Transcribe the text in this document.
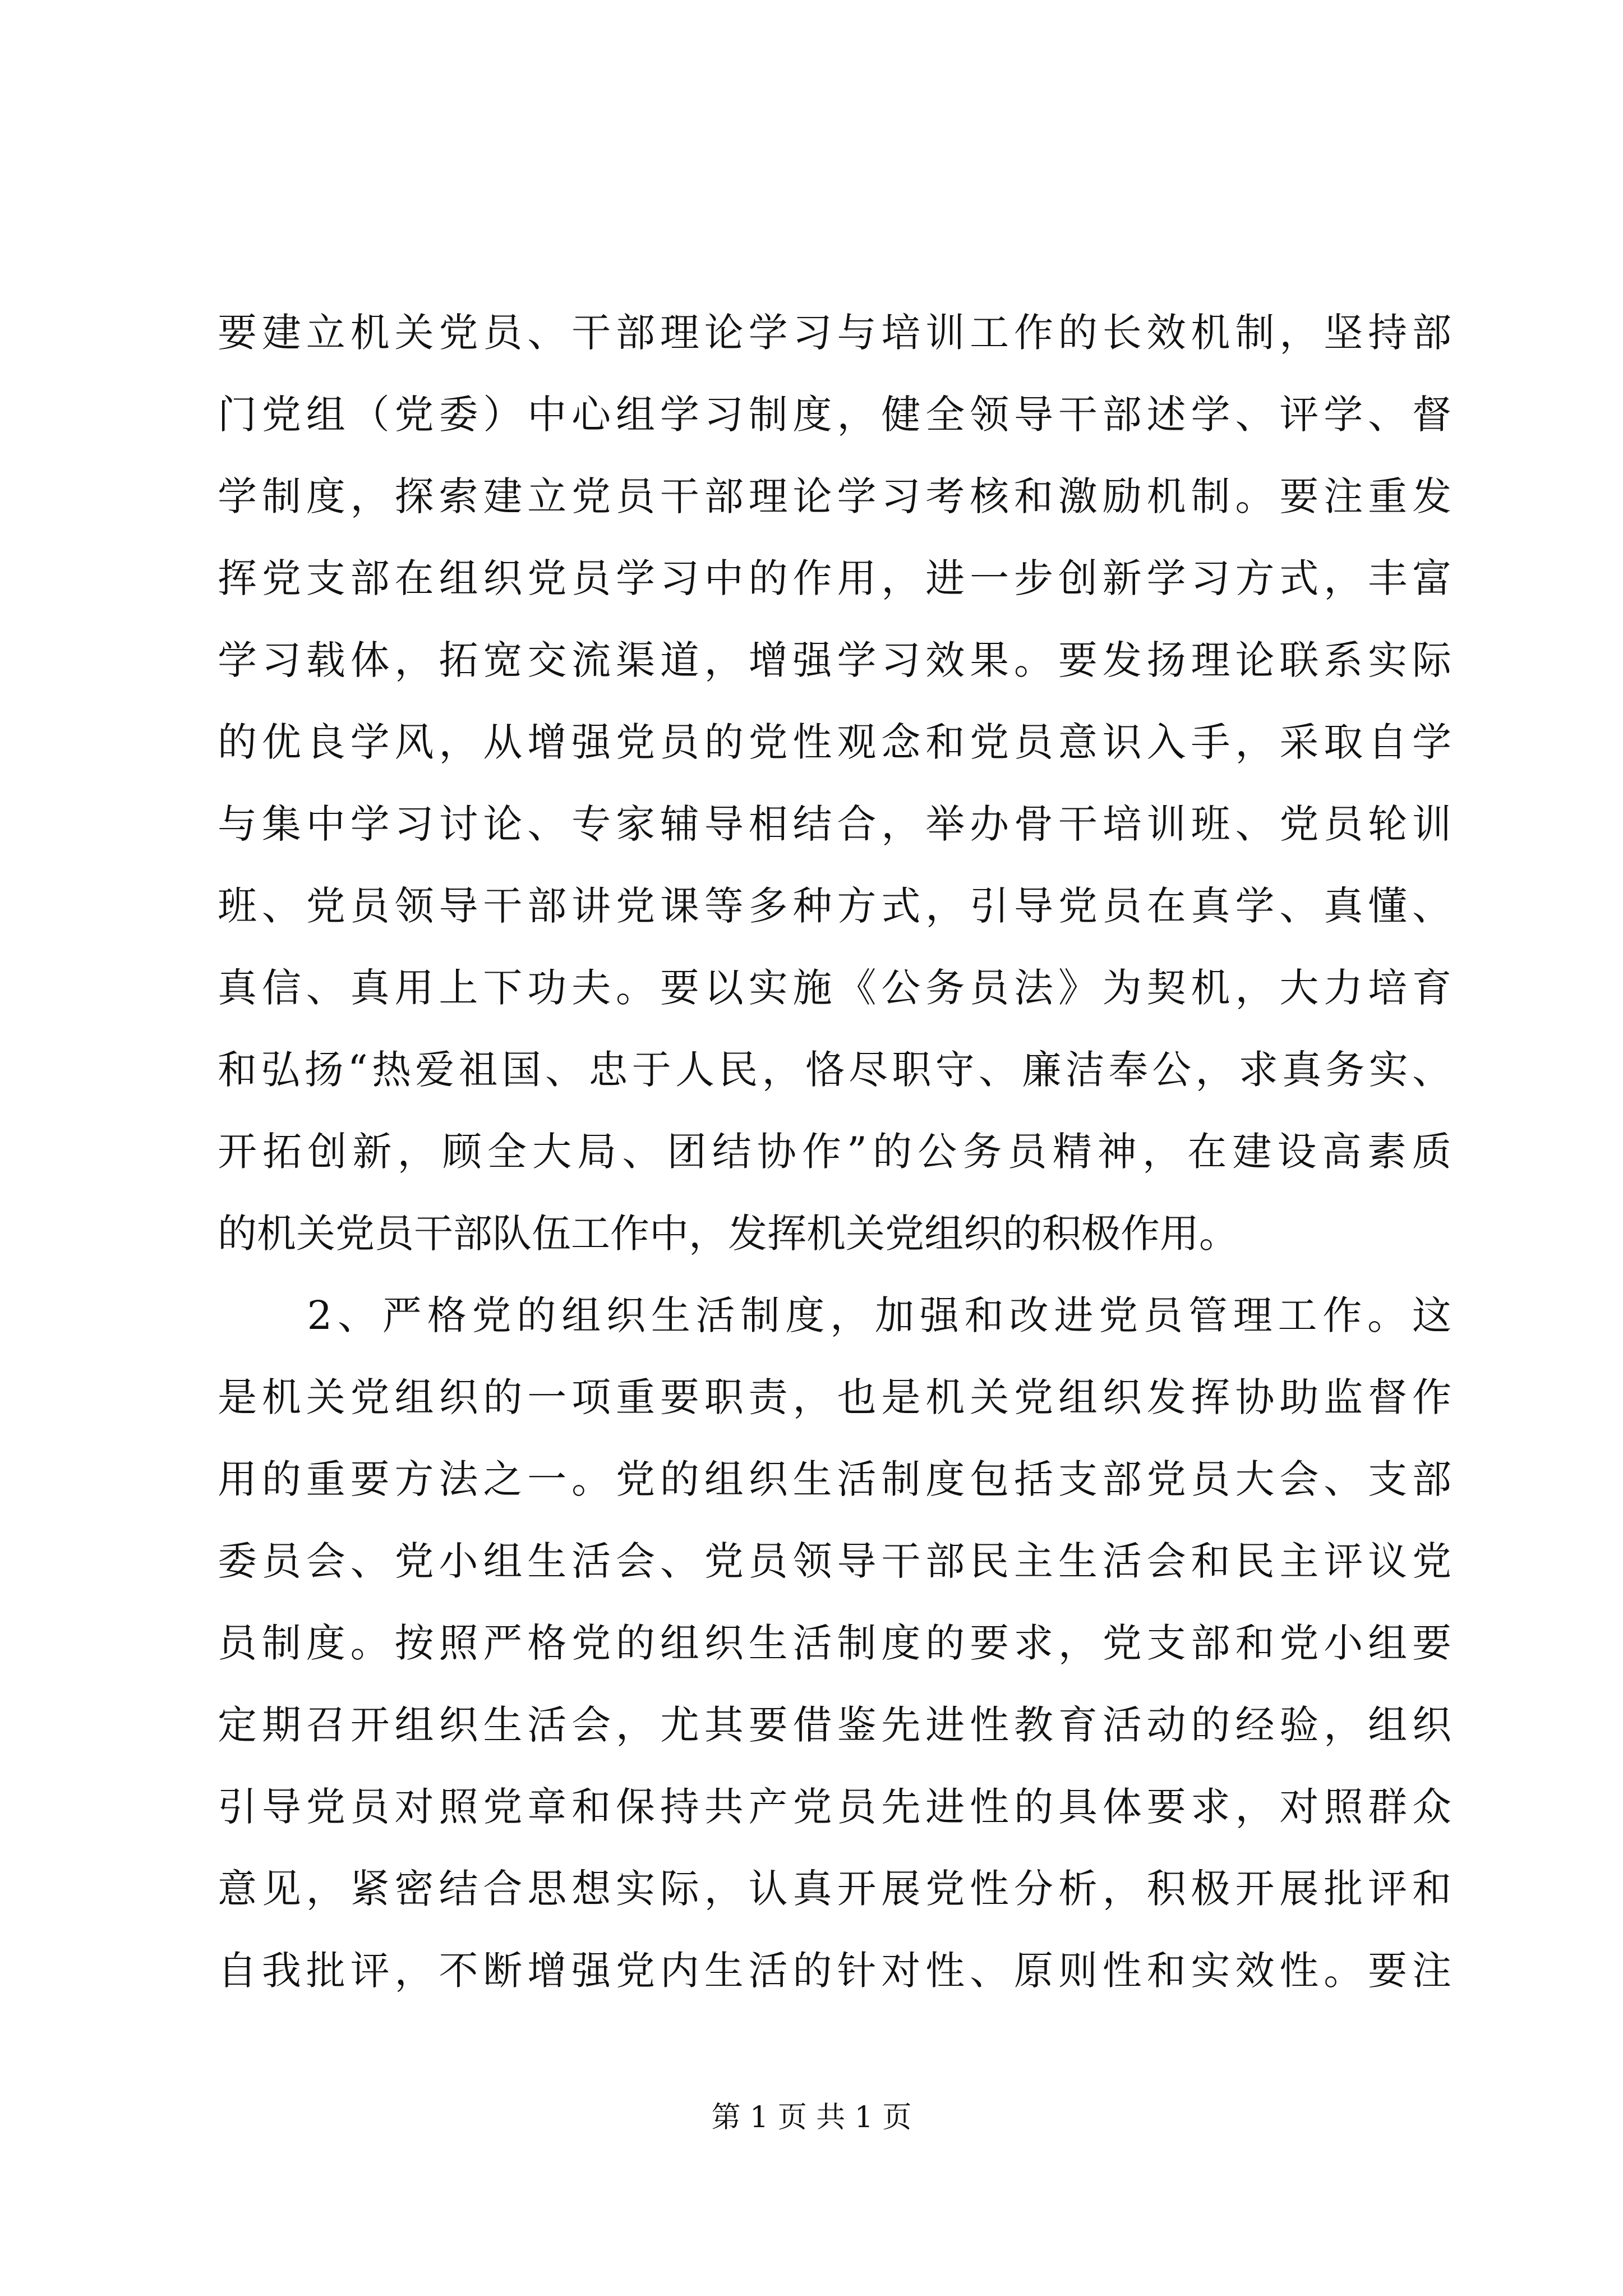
要建立机关党员、干部理论学习与培训工作的长效机制，坚持部
门党组（党委）中心组学习制度，健全领导干部述学、评学、督
学制度，探索建立党员干部理论学习考核和激励机制。要注重发
挥党支部在组织党员学习中的作用，进一步创新学习方式，丰富
学习载体，拓宽交流渠道，增强学习效果。要发扬理论联系实际
的优良学风，从增强党员的党性观念和党员意识入手，采取自学
与集中学习讨论、专家辅导相结合，举办骨干培训班、党员轮训
班、党员领导干部讲党课等多种方式，引导党员在真学、真懂、
真信、真用上下功夫。要以实施《公务员法》为契机，大力培育
和弘扬“热爱祖国、忠于人民，恪尽职守、廉洁奉公，求真务实、
开拓创新，顾全大局、团结协作”的公务员精神，在建设高素质
的机关党员干部队伍工作中，发挥机关党组织的积极作用。
　　2、严格党的组织生活制度，加强和改进党员管理工作。这
是机关党组织的一项重要职责，也是机关党组织发挥协助监督作
用的重要方法之一。党的组织生活制度包括支部党员大会、支部
委员会、党小组生活会、党员领导干部民主生活会和民主评议党
员制度。按照严格党的组织生活制度的要求，党支部和党小组要
定期召开组织生活会，尤其要借鉴先进性教育活动的经验，组织
引导党员对照党章和保持共产党员先进性的具体要求，对照群众
意见，紧密结合思想实际，认真开展党性分析，积极开展批评和
自我批评，不断增强党内生活的针对性、原则性和实效性。要注
第 1 页 共 1 页
